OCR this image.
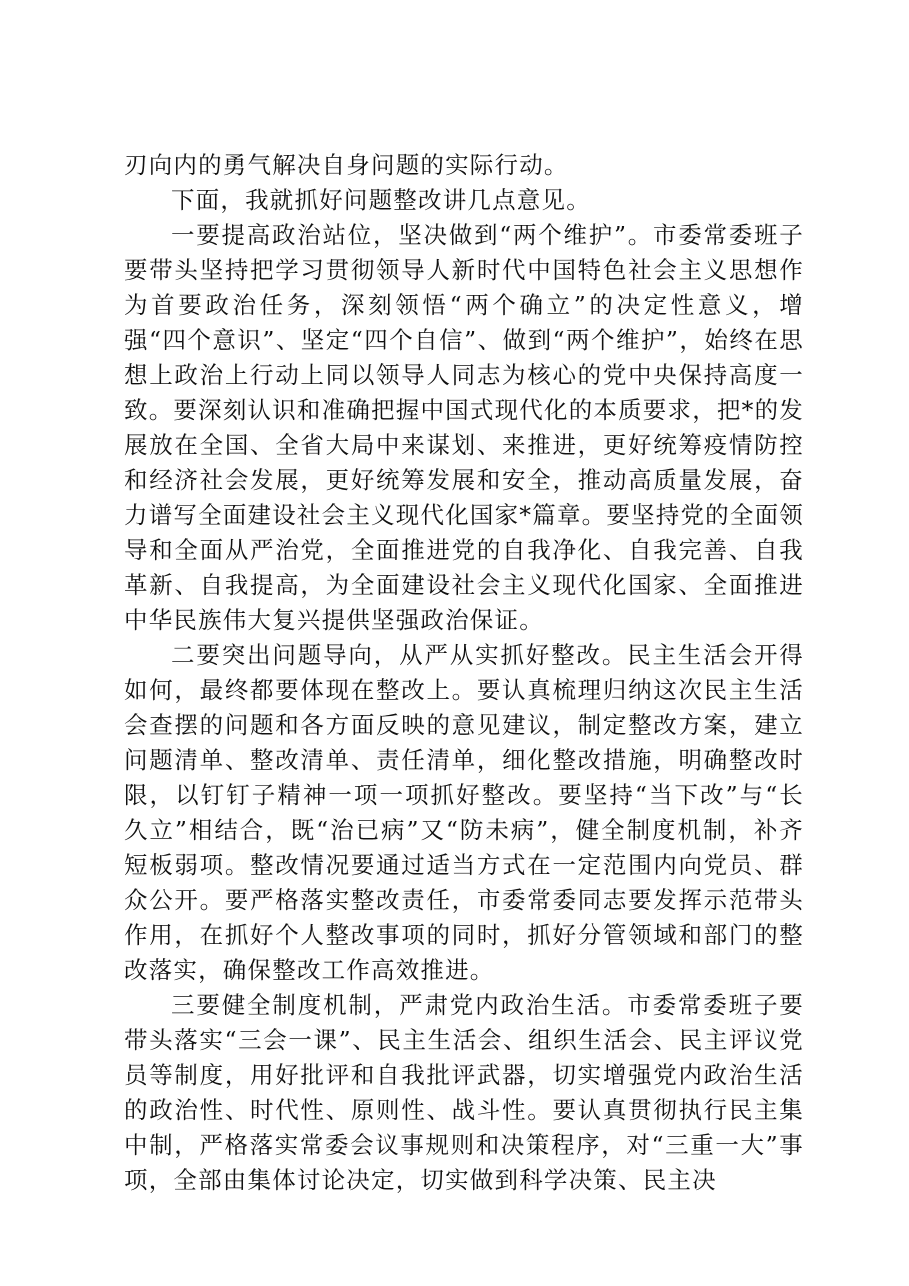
刃向内的勇气解决自身问题的实际行动。

下面，我就抓好问题整改讲几点意见。

一要提高政治站位，坚决做到“两个维护”。市委常委班子要带头坚持把学习贯彻领导人新时代中国特色社会主义思想作为首要政治任务，深刻领悟“两个确立”的决定性意义，增强“四个意识”、坚定“四个自信”、做到“两个维护”，始终在思想上政治上行动上同以领导人同志为核心的党中央保持高度一致。要深刻认识和准确把握中国式现代化的本质要求，把*的发展放在全国、全省大局中来谋划、来推进，更好统筹疫情防控和经济社会发展，更好统筹发展和安全，推动高质量发展，奋力谱写全面建设社会主义现代化国家*篇章。要坚持党的全面领导和全面从严治党，全面推进党的自我净化、自我完善、自我革新、自我提高，为全面建设社会主义现代化国家、全面推进中华民族伟大复兴提供坚强政治保证。

二要突出问题导向，从严从实抓好整改。民主生活会开得如何，最终都要体现在整改上。要认真梳理归纳这次民主生活会查摆的问题和各方面反映的意见建议，制定整改方案，建立问题清单、整改清单、责任清单，细化整改措施，明确整改时限，以钉钉子精神一项一项抓好整改。要坚持“当下改”与“长久立”相结合，既“治已病”又“防未病”，健全制度机制，补齐短板弱项。整改情况要通过适当方式在一定范围内向党员、群众公开。要严格落实整改责任，市委常委同志要发挥示范带头作用，在抓好个人整改事项的同时，抓好分管领域和部门的整改落实，确保整改工作高效推进。

三要健全制度机制，严肃党内政治生活。市委常委班子要带头落实“三会一课”、民主生活会、组织生活会、民主评议党员等制度，用好批评和自我批评武器，切实增强党内政治生活的政治性、时代性、原则性、战斗性。要认真贯彻执行民主集中制，严格落实常委会议事规则和决策程序，对“三重一大”事项，全部由集体讨论决定，切实做到科学决策、民主决
